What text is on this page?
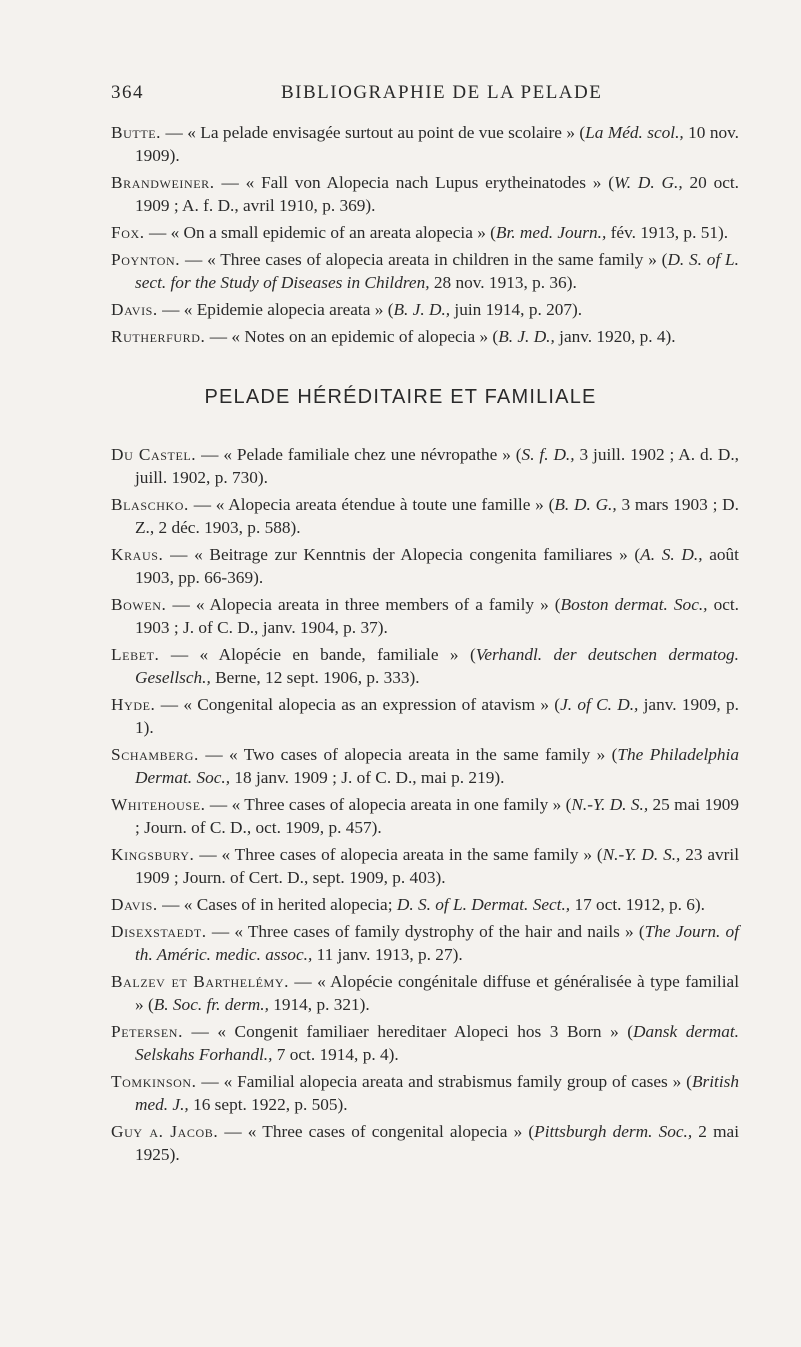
364	BIBLIOGRAPHIE DE LA PELADE

Butte. — « La pelade envisagée surtout au point de vue scolaire » (La Méd. scol., 10 nov. 1909).

Brandweiner. — « Fall von Alopecia nach Lupus erytheinatodes » (W. D. G., 20 oct. 1909 ; A. f. D., avril 1910, p. 369).

Fox. — « On a small epidemic of an areata alopecia » (Br. med. Journ., fév. 1913, p. 51).

Poynton. — « Three cases of alopecia areata in children in the same family » (D. S. of L. sect. for the Study of Diseases in Children, 28 nov. 1913, p. 36).

Davis. — « Epidemie alopecia areata » (B. J. D., juin 1914, p. 207).

Rutherfurd. — « Notes on an epidemic of alopecia » (B. J. D., janv. 1920, p. 4).

PELADE HÉRÉDITAIRE ET FAMILIALE

Du Castel. — « Pelade familiale chez une névropathe » (S. f. D., 3 juill. 1902 ; A. d. D., juill. 1902, p. 730).

Blaschko. — « Alopecia areata étendue à toute une famille » (B. D. G., 3 mars 1903 ; D. Z., 2 déc. 1903, p. 588).

Kraus. — « Beitrage zur Kenntnis der Alopecia congenita familiares » (A. S. D., août 1903, pp. 66-369).

Bowen. — « Alopecia areata in three members of a family » (Boston dermat. Soc., oct. 1903 ; J. of C. D., janv. 1904, p. 37).

Lebet. — « Alopécie en bande, familiale » (Verhandl. der deutschen dermatog. Gesellsch., Berne, 12 sept. 1906, p. 333).

Hyde. — « Congenital alopecia as an expression of atavism » (J. of C. D., janv. 1909, p. 1).

Schamberg. — « Two cases of alopecia areata in the same family » (The Philadelphia Dermat. Soc., 18 janv. 1909 ; J. of C. D., mai p. 219).

Whitehouse. — « Three cases of alopecia areata in one family » (N.-Y. D. S., 25 mai 1909 ; Journ. of C. D., oct. 1909, p. 457).

Kingsbury. — « Three cases of alopecia areata in the same family » (N.-Y. D. S., 23 avril 1909 ; Journ. of Cert. D., sept. 1909, p. 403).

Davis. — « Cases of in herited alopecia; D. S. of L. Dermat. Sect., 17 oct. 1912, p. 6).

Disexstaedt. — « Three cases of family dystrophy of the hair and nails » (The Journ. of th. Améric. medic. assoc., 11 janv. 1913, p. 27).

Balzev et Barthelémy. — « Alopécie congénitale diffuse et généralisée à type familial » (B. Soc. fr. derm., 1914, p. 321).

Petersen. — « Congenit familiaer hereditaer Alopeci hos 3 Born » (Dansk dermat. Selskahs Forhandl., 7 oct. 1914, p. 4).

Tomkinson. — « Familial alopecia areata and strabismus family group of cases » (British med. J., 16 sept. 1922, p. 505).

Guy a. Jacob. — « Three cases of congenital alopecia » (Pittsburgh derm. Soc., 2 mai 1925).
